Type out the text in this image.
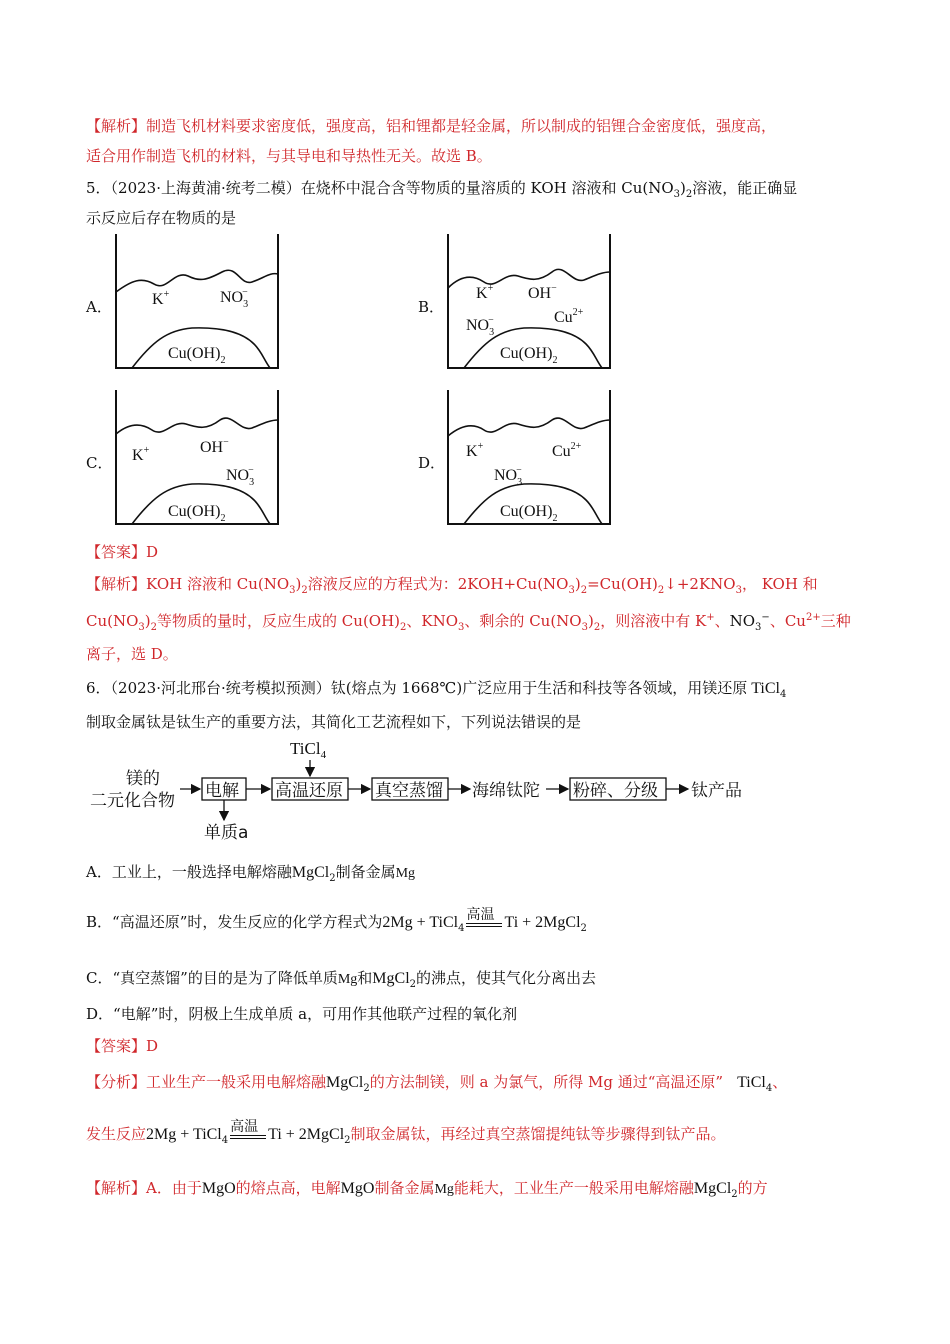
【解析】制造飞机材料要求密度低，强度高，铝和锂都是轻金属，所以制成的铝锂合金密度低，强度高，
适合用作制造飞机的材料，与其导电和导热性无关。故选 B。
5．（2023·上海黄浦·统考二模）在烧杯中混合含等物质的量溶质的 KOH 溶液和 $Cu(NO_3)_2$溶液，能正确显
示反应后存在物质的是
A．	B．
C．	D．
K+	$NO_3-$
$Cu(OH)_2$
K+ OH−
$NO_3-$	$Cu^{2+}$
$Cu(OH)_2$
K+	OH−
$NO_3-$
$Cu(OH)_2$
K+	$Cu^{2+}$
$NO_3-$
$Cu(OH)_2$
【答案】D
【解析】KOH 溶液和 $Cu(NO_3)_2$溶液反应的方程式为：$2KOH+Cu(NO_3)_2=Cu(OH)_2↓+2KNO_3$， KOH 和
$Cu(NO_3)_2$等物质的量时，反应生成的 $Cu(OH)_2$、$KNO_3$、剩余的 $Cu(NO_3)_2$，则溶液中有 K+、$NO_3^-$、$Cu^{2+}$三种
离子，选 D。
6．（2023·河北邢台·统考模拟预测）钛(熔点为 1668℃)广泛应用于生活和科技等各领域，用镁还原 TiCl$_4$
制取金属钛是钛生产的重要方法，其简化工艺流程如下，下列说法错误的是
镁的
二元化合物 电解
单质a
TiCl$_4$
高温还原 真空蒸馏 海绵钛陀 粉碎、分级 钛产品
A．工业上，一般选择电解熔融MgCl$_2$制备金属Mg
B．“高温还原”时，发生反应的化学方程式为2Mg + TiCl$_4$
高温 Ti + 2MgCl$_2$
C．“真空蒸馏”的目的是为了降低单质Mg和MgCl$_2$的沸点，使其气化分离出去
D．“电解”时，阴极上生成单质 a，可用作其他联产过程的氧化剂
【答案】D
【分析】工业生产一般采用电解熔融MgCl$_2$的方法制镁，则 a 为氯气，所得 Mg 通过“高温还原” TiCl$_4$、
发生反应2Mg + TiCl$_4$
高温 Ti + 2MgCl$_2$制取金属钛，再经过真空蒸馏提纯钛等步骤得到钛产品。
【解析】A．由于MgO的熔点高，电解MgO制备金属Mg能耗大，工业生产一般采用电解熔融MgCl$_2$的方
